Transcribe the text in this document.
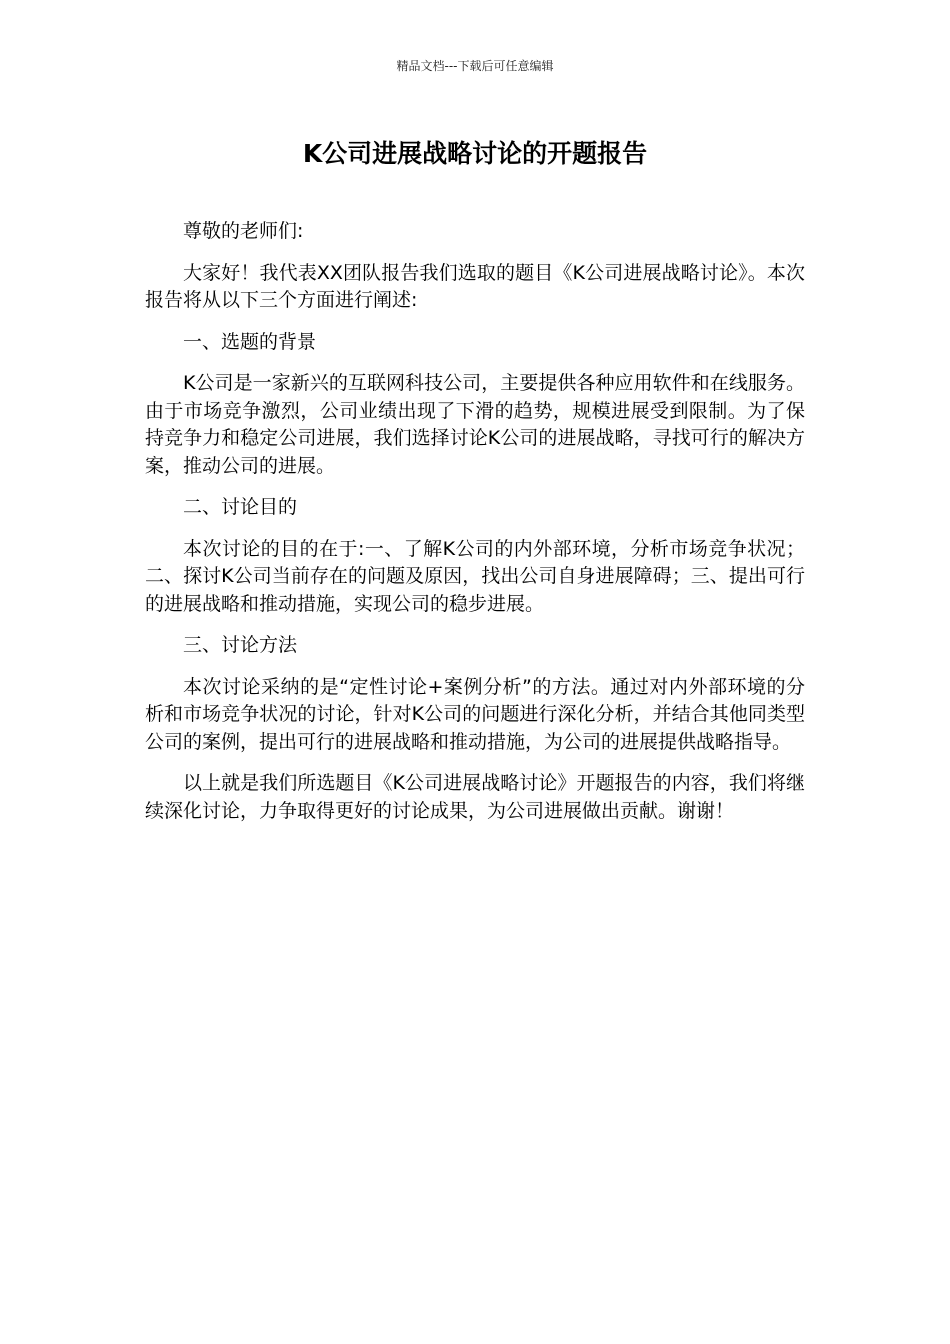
精品文档---下载后可任意编辑
K公司进展战略讨论的开题报告

尊敬的老师们:

大家好！我代表XX团队报告我们选取的题目《K公司进展战略讨论》。本次报告将从以下三个方面进行阐述:

一、选题的背景

K公司是一家新兴的互联网科技公司，主要提供各种应用软件和在线服务。由于市场竞争激烈，公司业绩出现了下滑的趋势，规模进展受到限制。为了保持竞争力和稳定公司进展，我们选择讨论K公司的进展战略，寻找可行的解决方案，推动公司的进展。

二、讨论目的

本次讨论的目的在于:一、了解K公司的内外部环境，分析市场竞争状况；二、探讨K公司当前存在的问题及原因，找出公司自身进展障碍；三、提出可行的进展战略和推动措施，实现公司的稳步进展。

三、讨论方法

本次讨论采纳的是“定性讨论+案例分析”的方法。通过对内外部环境的分析和市场竞争状况的讨论，针对K公司的问题进行深化分析，并结合其他同类型公司的案例，提出可行的进展战略和推动措施，为公司的进展提供战略指导。

以上就是我们所选题目《K公司进展战略讨论》开题报告的内容，我们将继续深化讨论，力争取得更好的讨论成果，为公司进展做出贡献。谢谢！
